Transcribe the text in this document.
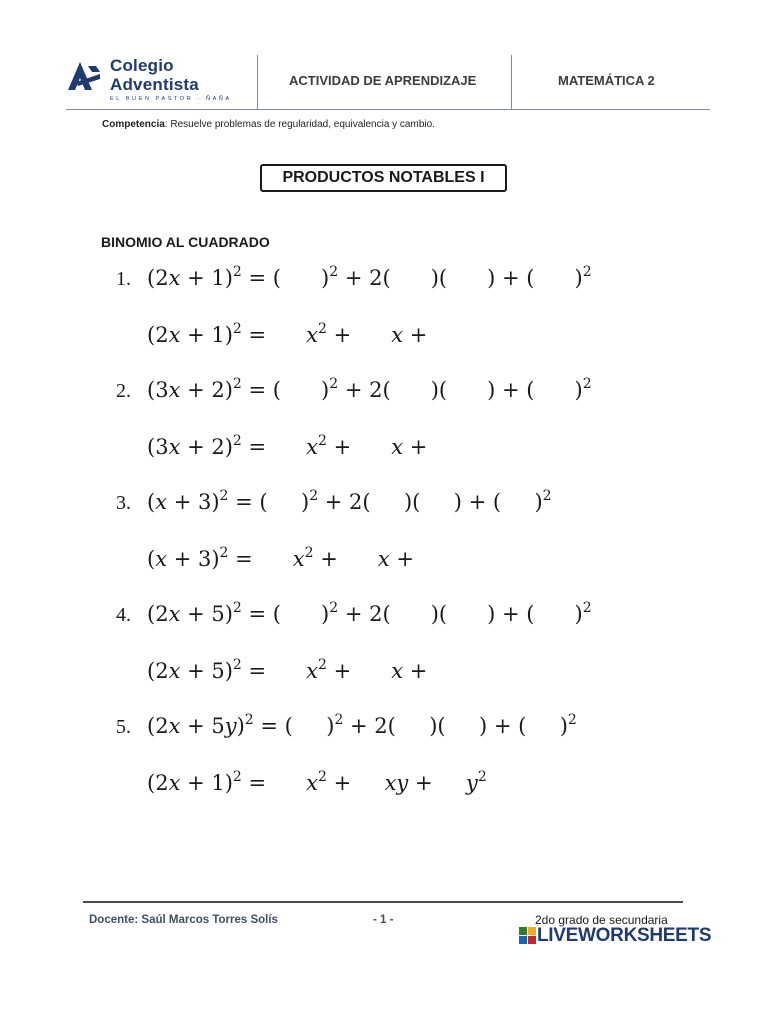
Colegio
Adventista
EL BUEN PASTOR · ÑAÑA
ACTIVIDAD DE APRENDIZAJE	MATEMÁTICA 2
Competencia: Resuelve problemas de regularidad, equivalencia y cambio.
PRODUCTOS NOTABLES I
BINOMIO AL CUADRADO
1. $(2x + 1)^2$ = (      )$^2$ + 2(      )(      ) + (      )$^2$
$(2x + 1)^2$ =      $x^2$ +      x +
2. $(3x + 2)^2$ = (      )$^2$ + 2(      )(      ) + (      )$^2$
$(3x + 2)^2$ =      $x^2$ +      x +
3. $(x + 3)^2$ = (     )$^2$ + 2(     )(     ) + (     )$^2$
$(x + 3)^2$ =      $x^2$ +      x +
4. $(2x + 5)^2$ = (      )$^2$ + 2(      )(      ) + (      )$^2$
$(2x + 5)^2$ =      $x^2$ +      x +
5. $(2x + 5y)^2$ = (     )$^2$ + 2(     )(     ) + (     )$^2$
$(2x + 1)^2$ =      $x^2$ +     xy +     $y^2$
Docente: Saúl Marcos Torres Solís	- 1 -	2do grado de secundaria
LIVEWORKSHEETS
